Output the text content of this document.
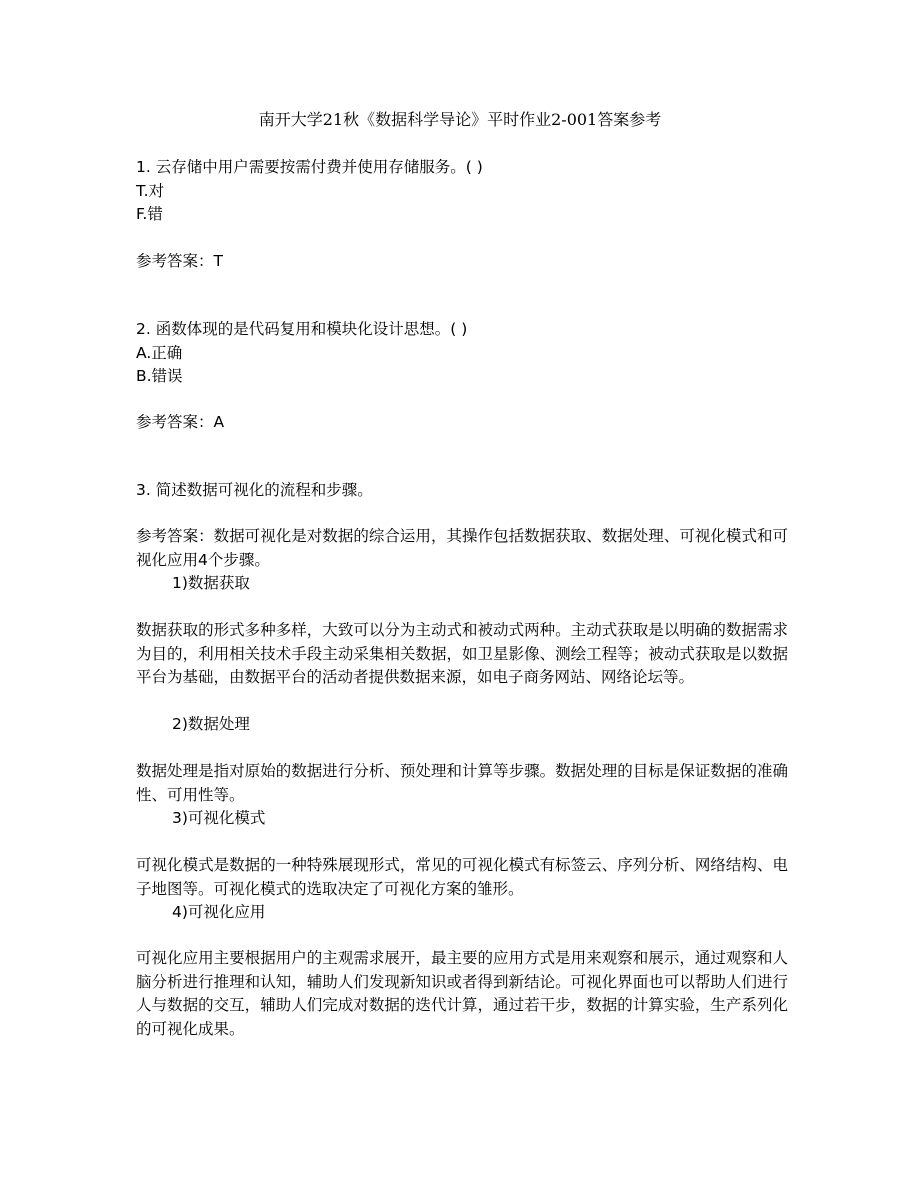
南开大学21秋《数据科学导论》平时作业2-001答案参考

1. 云存储中用户需要按需付费并使用存储服务。( )

T.对

F.错

参考答案：T

2. 函数体现的是代码复用和模块化设计思想。( )

A.正确

B.错误

参考答案：A
3. 简述数据可视化的流程和步骤。
参考答案：数据可视化是对数据的综合运用，其操作包括数据获取、数据处理、可视化模式和可视化应用4个步骤。
1)数据获取
数据获取的形式多种多样，大致可以分为主动式和被动式两种。主动式获取是以明确的数据需求为目的，利用相关技术手段主动采集相关数据，如卫星影像、测绘工程等；被动式获取是以数据平台为基础，由数据平台的活动者提供数据来源，如电子商务网站、网络论坛等。
2)数据处理
数据处理是指对原始的数据进行分析、预处理和计算等步骤。数据处理的目标是保证数据的准确性、可用性等。
3)可视化模式
可视化模式是数据的一种特殊展现形式，常见的可视化模式有标签云、序列分析、网络结构、电子地图等。可视化模式的选取决定了可视化方案的雏形。
4)可视化应用
可视化应用主要根据用户的主观需求展开，最主要的应用方式是用来观察和展示，通过观察和人脑分析进行推理和认知，辅助人们发现新知识或者得到新结论。可视化界面也可以帮助人们进行人与数据的交互，辅助人们完成对数据的迭代计算，通过若干步，数据的计算实验，生产系列化的可视化成果。
